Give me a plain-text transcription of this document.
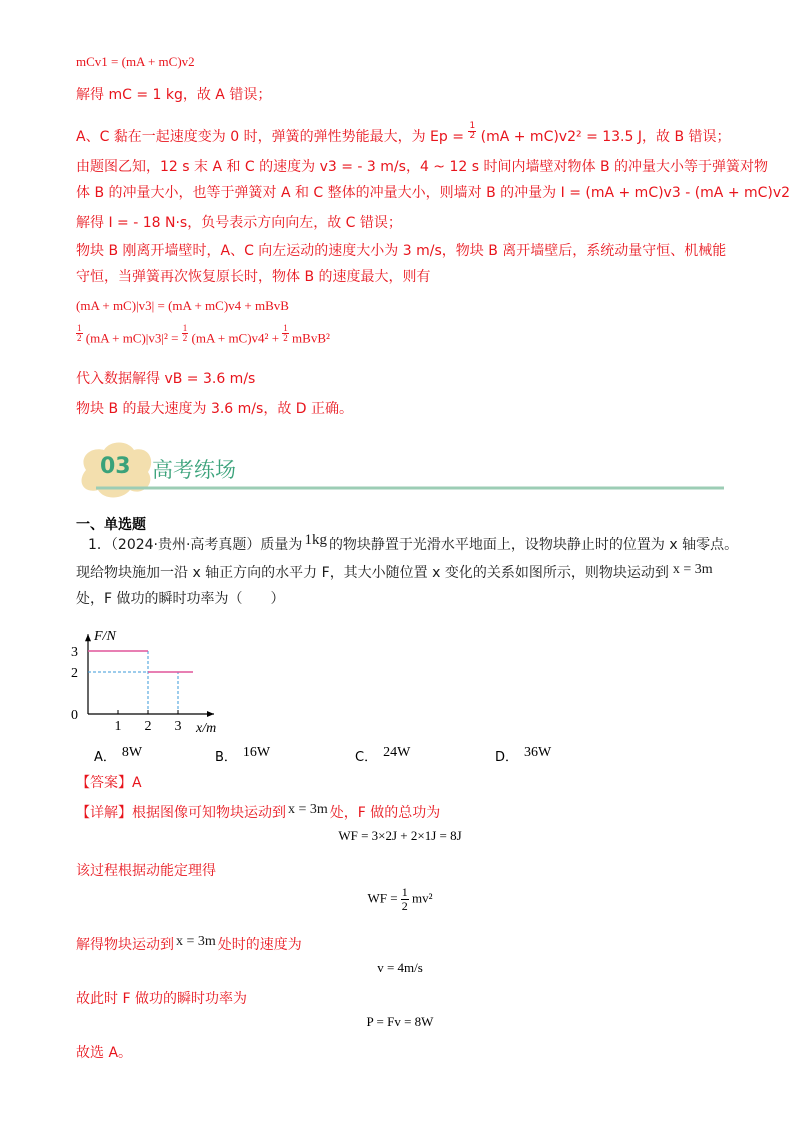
mCv1 = (mA + mC)v2
解得 mC = 1 kg，故 A 错误；
A、C 黏在一起速度变为 0 时，弹簧的弹性势能最大，为 $Ep = \frac{1}{2} (mA + mC)v2^2 = 13.5$ J，故 B 错误；
由题图乙知，12 s 末 A 和 C 的速度为 v3 = - 3 m/s，4 ~ 12 s 时间内墙壁对物体 B 的冲量大小等于弹簧对物
体 B 的冲量大小，也等于弹簧对 A 和 C 整体的冲量大小，则墙对 B 的冲量为 I = (mA + mC)v3 - (mA + mC)v2
解得 I = - 18 N·s，负号表示方向向左，故 C 错误；
物块 B 刚离开墙壁时，A、C 向左运动的速度大小为 3 m/s，物块 B 离开墙壁后，系统动量守恒、机械能
守恒，当弹簧再次恢复原长时，物体 B 的速度最大，则有
(mA + mC)|v3| = (mA + mC)v4 + mBvB
$\frac{1}{2} (mA + mC)|v3|^2 = \frac{1}{2} (mA + mC)v4^2 + \frac{1}{2}$ mBvB²
代入数据解得 vB = 3.6 m/s
物块 B 的最大速度为 3.6 m/s，故 D 正确。
03 高考练场
一、单选题
1．（2024·贵州·高考真题）质量为 1kg 的物块静置于光滑水平地面上，设物块静止时的位置为 x 轴零点。
现给物块施加一沿 x 轴正方向的水平力 F，其大小随位置 x 变化的关系如图所示，则物块运动到 x = 3m
处，F 做功的瞬时功率为（　　）
1 2 3
0
2
3
F/N
x/m
A． 8W	B． 16W	C． 24W	D． 36W
【答案】A
【详解】根据图像可知物块运动到 x = 3m 处，F 做的总功为
WF = 3×2J + 2×1J = 8J
该过程根据动能定理得
WF = $\frac{1}{2} mv^2$
解得物块运动到 x = 3m 处时的速度为
v = 4m/s
故此时 F 做功的瞬时功率为
P = Fv = 8W
故选 A。
